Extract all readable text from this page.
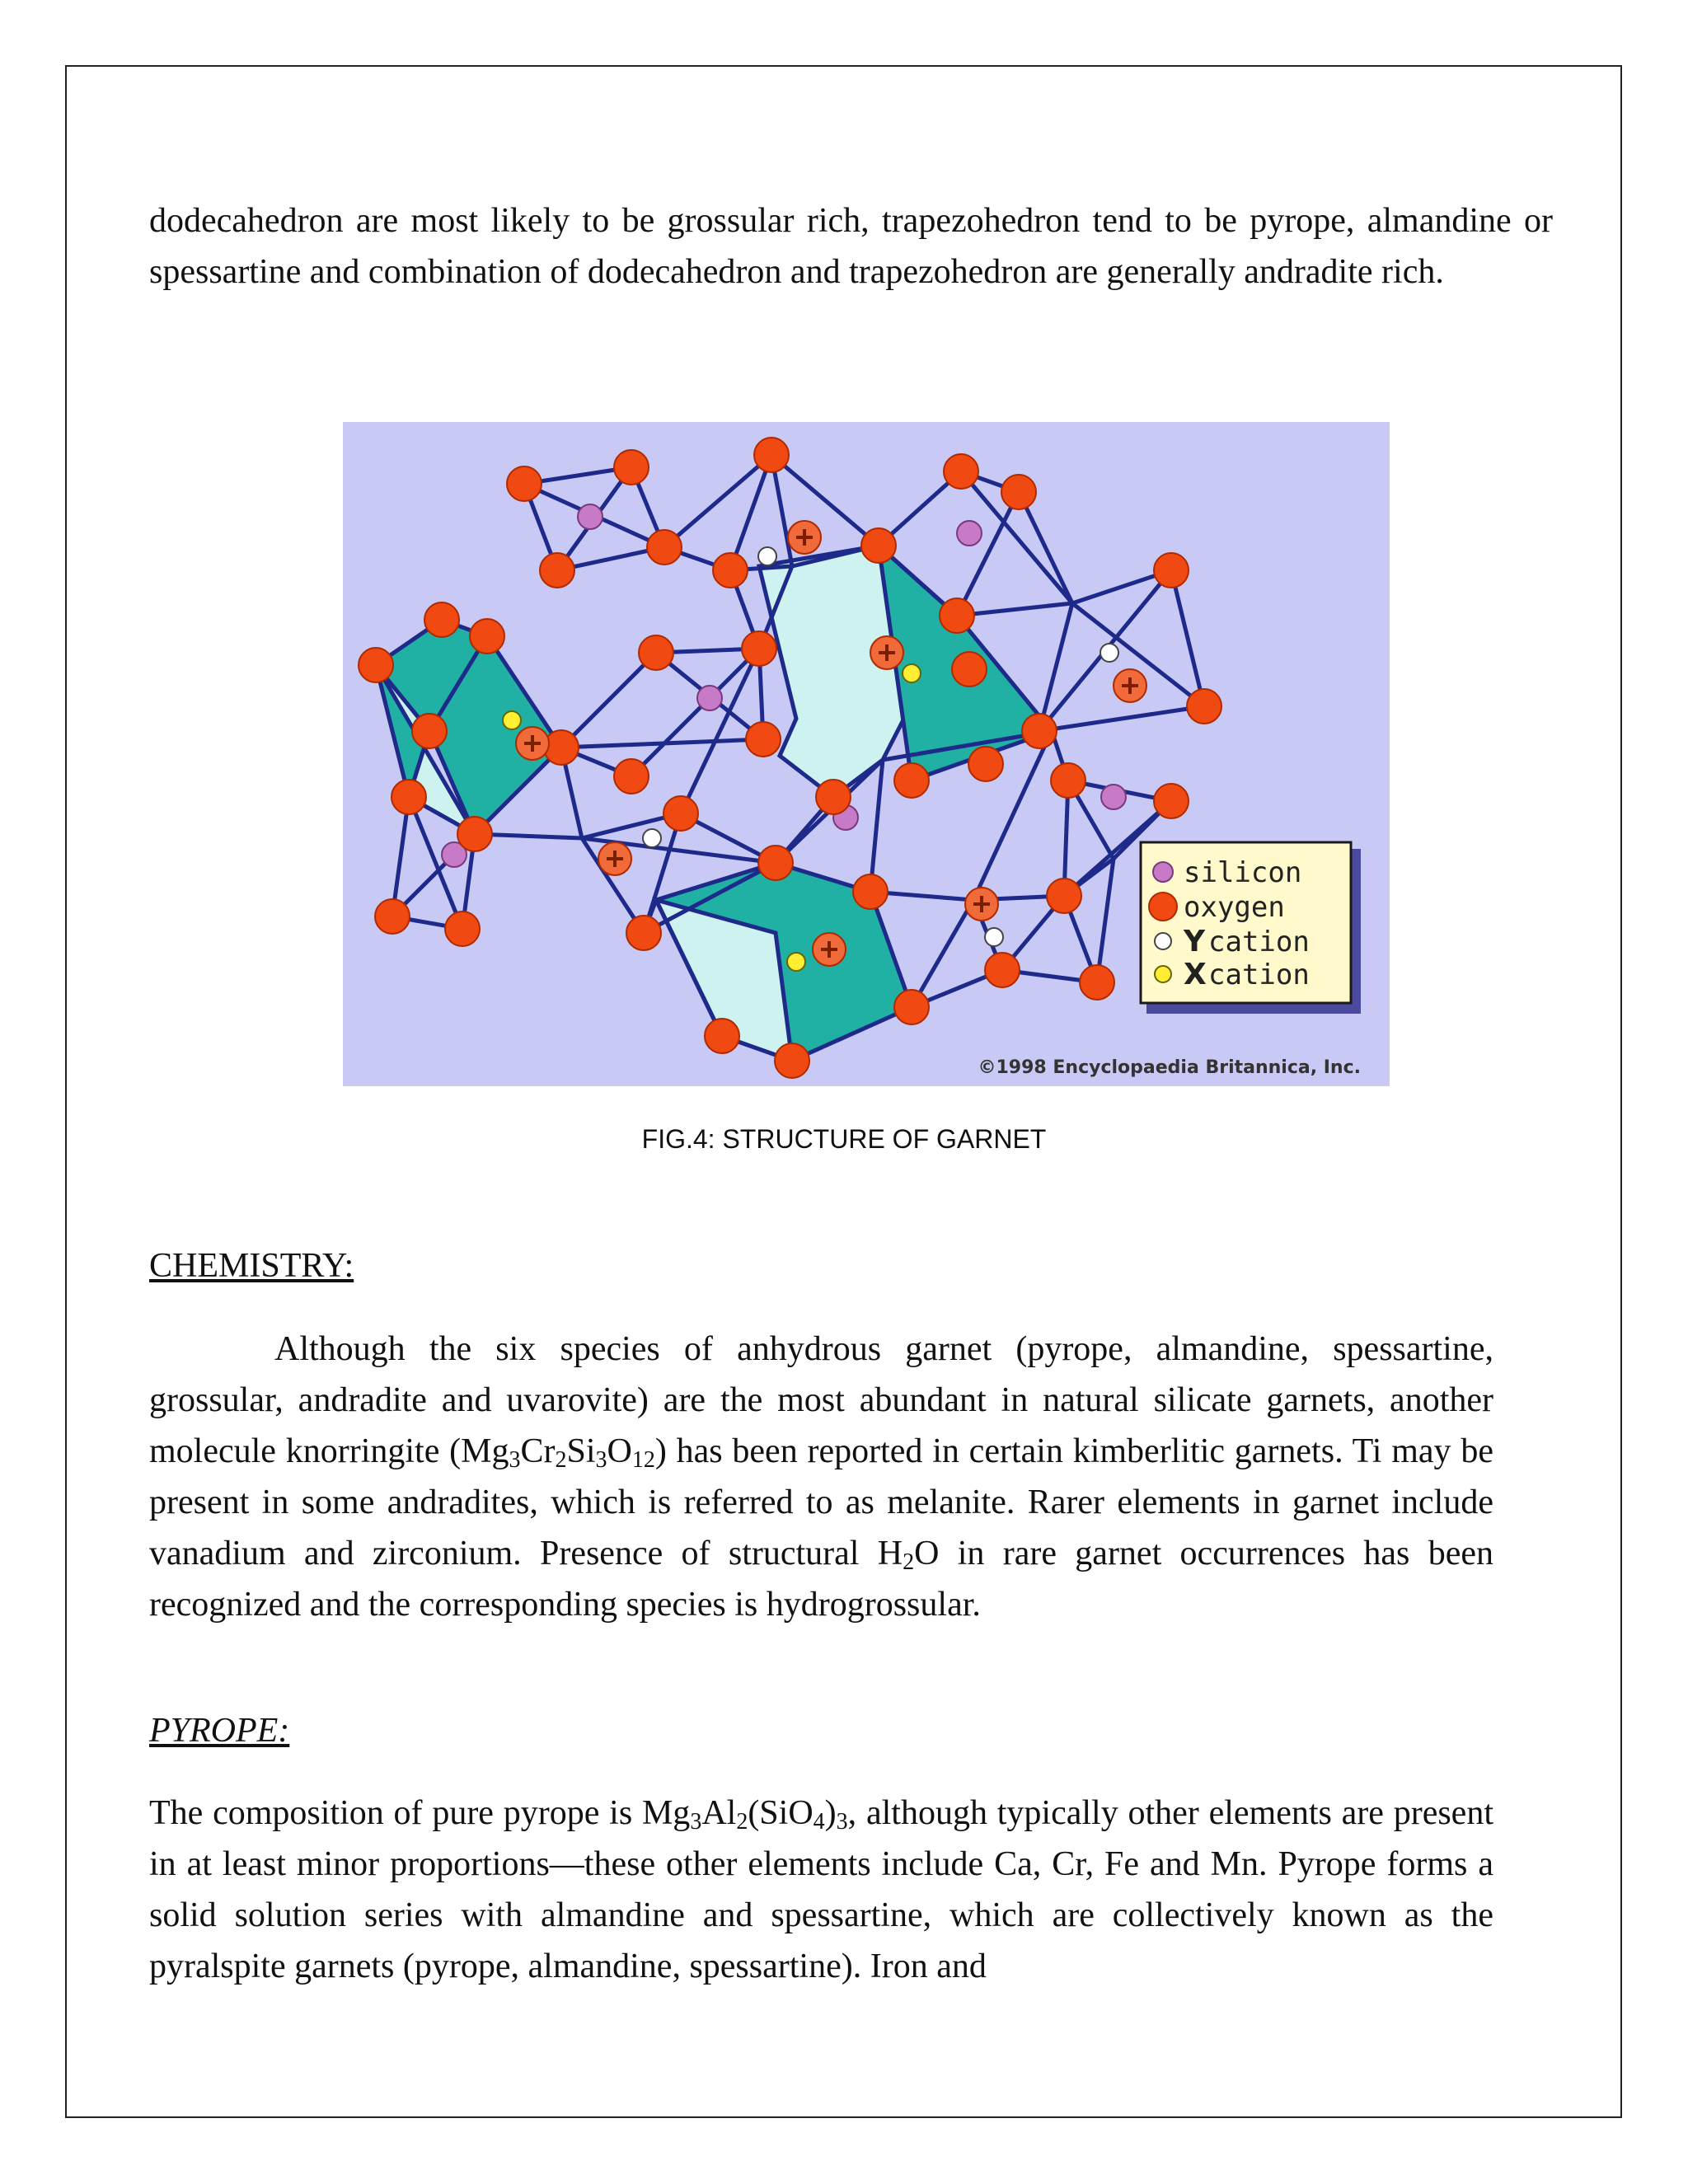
dodecahedron are most likely to be grossular rich, trapezohedron tend to be pyrope, almandine or spessartine and combination of dodecahedron and trapezohedron are generally andradite rich.

silicon
oxygen
Y cation
X cation
©1998 Encyclopaedia Britannica, Inc.
FIG.4: STRUCTURE OF GARNET
CHEMISTRY:

Although the six species of anhydrous garnet (pyrope, almandine, spessartine, grossular, andradite and uvarovite) are the most abundant in natural silicate garnets, another molecule knorringite $(Mg_3Cr_2Si_3O_{12})$ has been reported in certain kimberlitic garnets. Ti may be present in some andradites, which is referred to as melanite. Rarer elements in garnet include vanadium and zirconium. Presence of structural $H_2O$ in rare garnet occurrences has been recognized and the corresponding species is hydrogrossular.

PYROPE:

The composition of pure pyrope is $Mg_3Al_2(SiO_4)_3$, although typically other elements are present in at least minor proportions—these other elements include Ca, Cr, Fe and Mn. Pyrope forms a solid solution series with almandine and spessartine, which are collectively known as the pyralspite garnets (pyrope, almandine, spessartine). Iron and
